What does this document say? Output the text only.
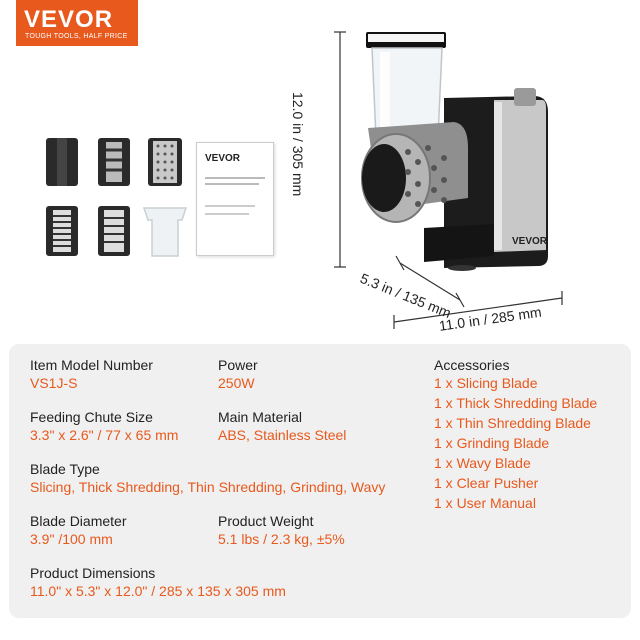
VEVOR
TOUGH TOOLS, HALF PRICE
VEVOR	12.0 in / 305 mm
5.3 in / 135 mm
11.0 in / 285 mm
VEVOR
Item Model Number
VS1J-S
Power
250W
Feeding Chute Size
3.3" x 2.6" / 77 x 65 mm
Main Material
ABS, Stainless Steel
Blade Type
Slicing, Thick Shredding, Thin Shredding, Grinding, Wavy
Blade Diameter
3.9" /100 mm
Product Weight
5.1 lbs / 2.3 kg, ±5%
Product Dimensions
11.0" x 5.3" x 12.0" / 285 x 135 x 305 mm
Accessories
1 x Slicing Blade
1 x Thick Shredding Blade
1 x Thin Shredding Blade
1 x Grinding Blade
1 x Wavy Blade
1 x Clear Pusher
1 x User Manual
